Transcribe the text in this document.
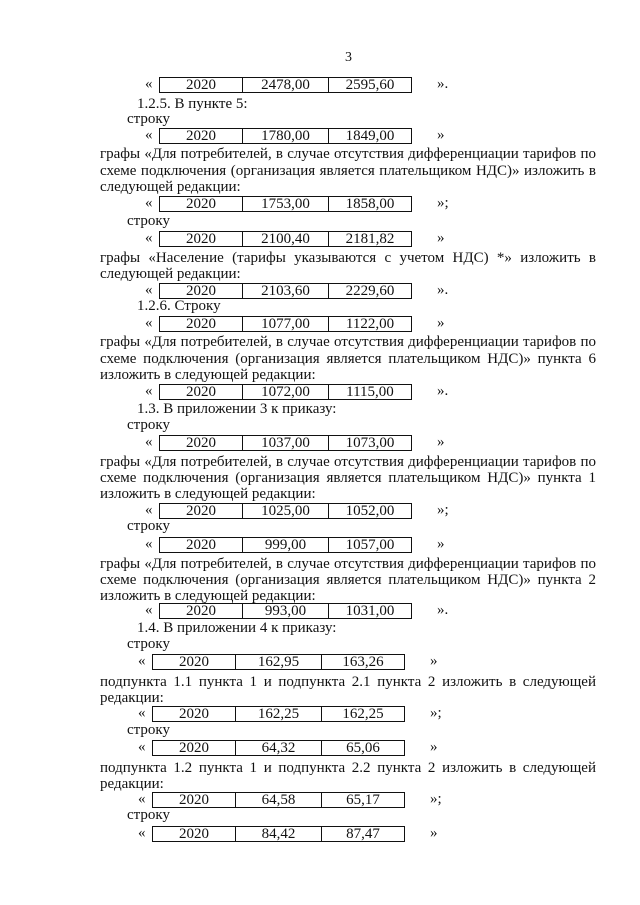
3
«	2020	2478,00	2595,60	».
1.2.5. В пункте 5:
строку
«	2020	1780,00	1849,00	»
графы «Для потребителей, в случае отсутствия дифференциации тарифов по
схеме подключения (организация является плательщиком НДС)» изложить в
следующей редакции:
«	2020	1753,00	1858,00	»;
строку
«	2020	2100,40	2181,82	»
графы «Население (тарифы указываются с учетом НДС) *» изложить в
следующей редакции:
«	2020	2103,60	2229,60	».
1.2.6. Строку
«	2020	1077,00	1122,00	»
графы «Для потребителей, в случае отсутствия дифференциации тарифов по
схеме подключения (организация является плательщиком НДС)» пункта 6
изложить в следующей редакции:
«	2020	1072,00	1115,00	».
1.3. В приложении 3 к приказу:
строку
«	2020	1037,00	1073,00	»
графы «Для потребителей, в случае отсутствия дифференциации тарифов по
схеме подключения (организация является плательщиком НДС)» пункта 1
изложить в следующей редакции:
«	2020	1025,00	1052,00	»;
строку
«	2020	999,00	1057,00	»
графы «Для потребителей, в случае отсутствия дифференциации тарифов по
схеме подключения (организация является плательщиком НДС)» пункта 2
изложить в следующей редакции:
«	2020	993,00	1031,00	».
1.4. В приложении 4 к приказу:
строку
«	2020	162,95	163,26	»
подпункта 1.1 пункта 1 и подпункта 2.1 пункта 2 изложить в следующей
редакции:
«	2020	162,25	162,25	»;
строку
«	2020	64,32	65,06	»
подпункта 1.2 пункта 1 и подпункта 2.2 пункта 2 изложить в следующей
редакции:
«	2020	64,58	65,17	»;
строку
«	2020	84,42	87,47	»
